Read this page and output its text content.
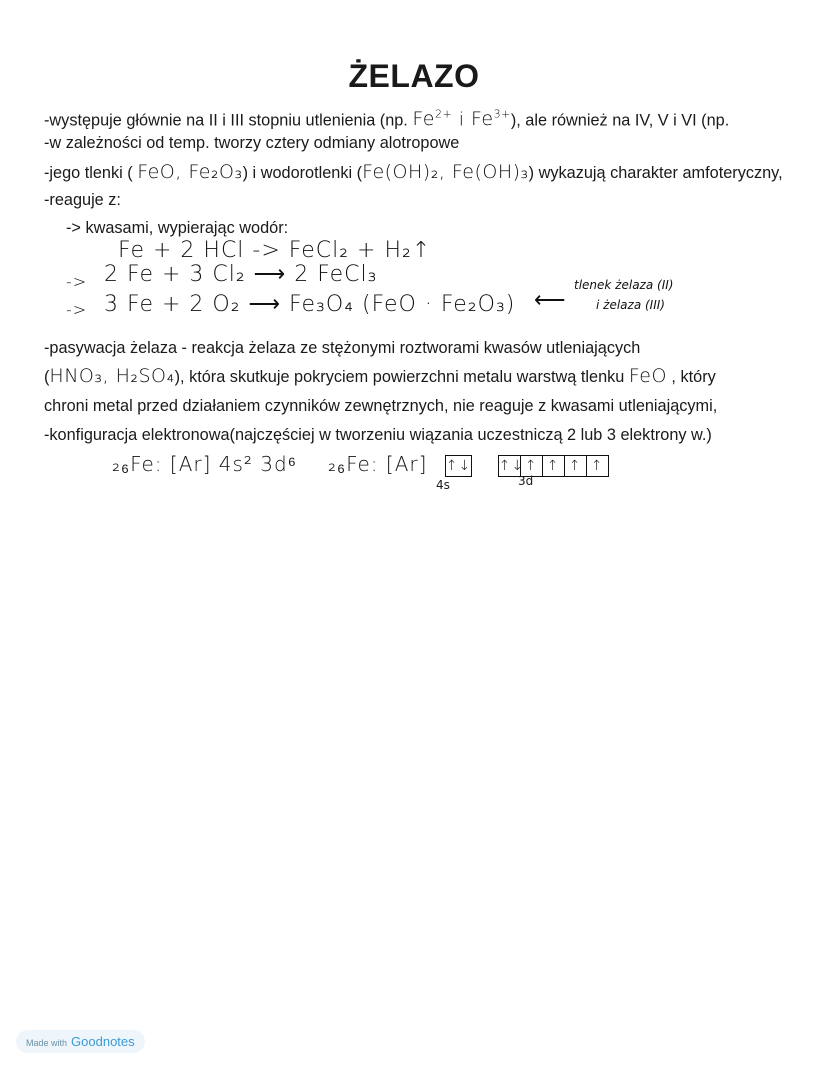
ŻELAZO
-występuje głównie na II i III stopniu utlenienia (np. $Fe^{2+}$ i $Fe^{3+}$), ale również na IV, V i VI (np.
-w zależności od temp. tworzy cztery odmiany alotropowe
-jego tlenki ( FeO, Fe₂O₃) i wodorotlenki (Fe(OH)₂, Fe(OH)₃) wykazują charakter amfoteryczny,
-reaguje z:
-> kwasami, wypierając wodór:
Fe + 2 HCl -> FeCl₂ + H₂↑
-> 2 Fe + 3 Cl₂ ⟶ 2 FeCl₃
-> 3 Fe + 2 O₂ ⟶ Fe₃O₄ (FeO · Fe₂O₃) ⟵
tlenek żelaza (II)
i żelaza (III)
-pasywacja żelaza - reakcja żelaza ze stężonymi roztworami kwasów utleniających
(HNO₃, H₂SO₄), która skutkuje pokryciem powierzchni metalu warstwą tlenku FeO , który
chroni metal przed działaniem czynników zewnętrznych, nie reaguje z kwasami utleniającymi,
-konfiguracja elektronowa(najczęściej w tworzeniu wiązania uczestniczą 2 lub 3 elektrony w.)
₂₆Fe: [Ar] 4s² 3d⁶ ₂₆Fe: [Ar] ↑↓ ↑↓ ↑ ↑ ↑ ↑
4s	3d
Made with Goodnotes
